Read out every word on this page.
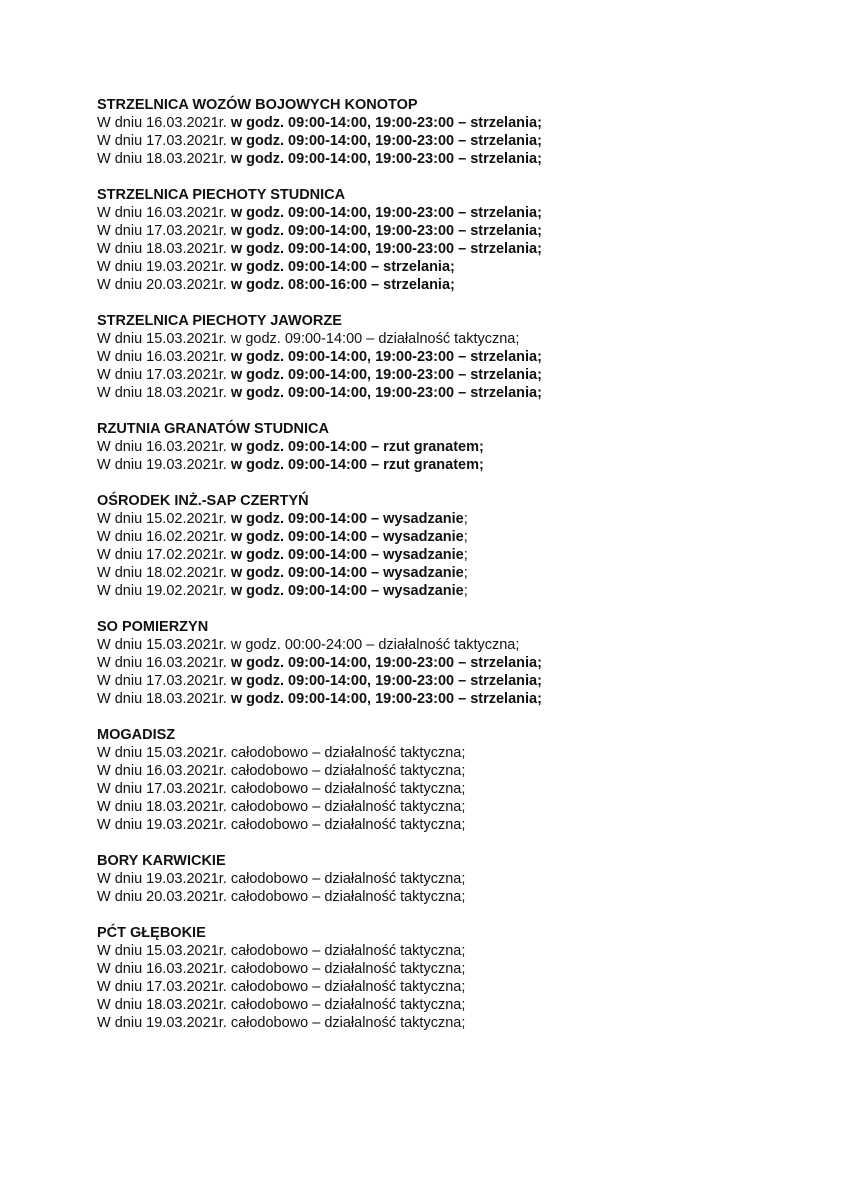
STRZELNICA WOZÓW BOJOWYCH KONOTOP
W dniu 16.03.2021r. w godz. 09:00-14:00, 19:00-23:00 – strzelania;
W dniu 17.03.2021r. w godz. 09:00-14:00, 19:00-23:00 – strzelania;
W dniu 18.03.2021r. w godz. 09:00-14:00, 19:00-23:00 – strzelania;
STRZELNICA PIECHOTY STUDNICA
W dniu 16.03.2021r. w godz. 09:00-14:00, 19:00-23:00 – strzelania;
W dniu 17.03.2021r. w godz. 09:00-14:00, 19:00-23:00 – strzelania;
W dniu 18.03.2021r. w godz. 09:00-14:00, 19:00-23:00 – strzelania;
W dniu 19.03.2021r. w godz. 09:00-14:00 – strzelania;
W dniu 20.03.2021r. w godz. 08:00-16:00 – strzelania;
STRZELNICA PIECHOTY JAWORZE
W dniu 15.03.2021r. w godz. 09:00-14:00 – działalność taktyczna;
W dniu 16.03.2021r. w godz. 09:00-14:00, 19:00-23:00 – strzelania;
W dniu 17.03.2021r. w godz. 09:00-14:00, 19:00-23:00 – strzelania;
W dniu 18.03.2021r. w godz. 09:00-14:00, 19:00-23:00 – strzelania;
RZUTNIA GRANATÓW STUDNICA
W dniu 16.03.2021r. w godz. 09:00-14:00 – rzut granatem;
W dniu 19.03.2021r. w godz. 09:00-14:00 – rzut granatem;
OŚRODEK INŻ.-SAP CZERTYŃ
W dniu 15.02.2021r. w godz. 09:00-14:00 – wysadzanie;
W dniu 16.02.2021r. w godz. 09:00-14:00 – wysadzanie;
W dniu 17.02.2021r. w godz. 09:00-14:00 – wysadzanie;
W dniu 18.02.2021r. w godz. 09:00-14:00 – wysadzanie;
W dniu 19.02.2021r. w godz. 09:00-14:00 – wysadzanie;
SO POMIERZYN
W dniu 15.03.2021r. w godz. 00:00-24:00 – działalność taktyczna;
W dniu 16.03.2021r. w godz. 09:00-14:00, 19:00-23:00 – strzelania;
W dniu 17.03.2021r. w godz. 09:00-14:00, 19:00-23:00 – strzelania;
W dniu 18.03.2021r. w godz. 09:00-14:00, 19:00-23:00 – strzelania;
MOGADISZ
W dniu 15.03.2021r. całodobowo – działalność taktyczna;
W dniu 16.03.2021r. całodobowo – działalność taktyczna;
W dniu 17.03.2021r. całodobowo – działalność taktyczna;
W dniu 18.03.2021r. całodobowo – działalność taktyczna;
W dniu 19.03.2021r. całodobowo – działalność taktyczna;
BORY KARWICKIE
W dniu 19.03.2021r. całodobowo – działalność taktyczna;
W dniu 20.03.2021r. całodobowo – działalność taktyczna;
PĆT GŁĘBOKIE
W dniu 15.03.2021r. całodobowo – działalność taktyczna;
W dniu 16.03.2021r. całodobowo – działalność taktyczna;
W dniu 17.03.2021r. całodobowo – działalność taktyczna;
W dniu 18.03.2021r. całodobowo – działalność taktyczna;
W dniu 19.03.2021r. całodobowo – działalność taktyczna;
